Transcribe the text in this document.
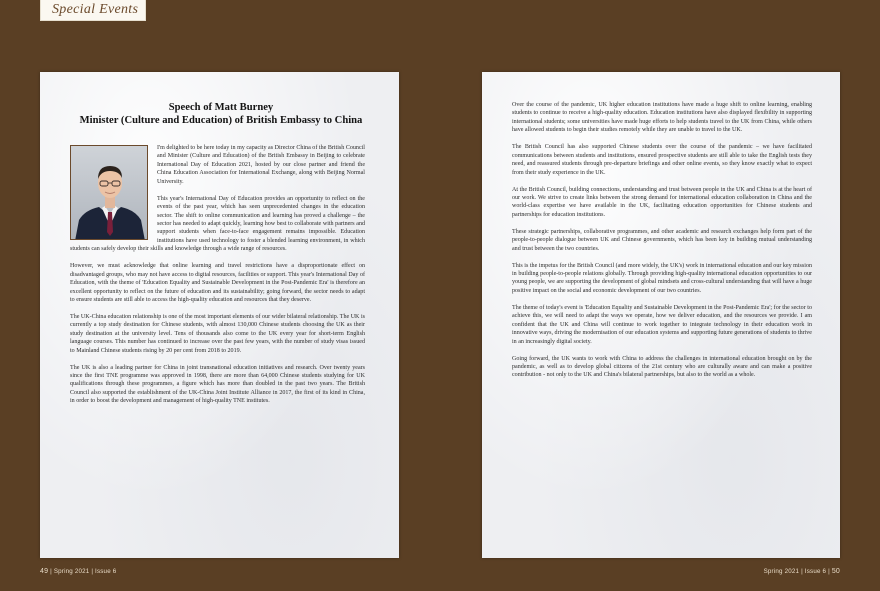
Special Events
Speech of Matt Burney
Minister (Culture and Education) of British Embassy to China

I'm delighted to be here today in my capacity as Director China of the British Council and Minister (Culture and Education) of the British Embassy in Beijing to celebrate International Day of Education 2021, hosted by our close partner and friend the China Education Association for International Exchange, along with Beijing Normal University.

This year's International Day of Education provides an opportunity to reflect on the events of the past year, which has seen unprecedented changes in the education sector. The shift to online communication and learning has proved a challenge – the sector has needed to adapt quickly, learning how best to collaborate with partners and support students when face-to-face engagement remains impossible. Education institutions have used technology to foster a blended learning environment, in which students can safely develop their skills and knowledge through a wide range of resources.

However, we must acknowledge that online learning and travel restrictions have a disproportionate effect on disadvantaged groups, who may not have access to digital resources, facilities or support. This year's International Day of Education, with the theme of 'Education Equality and Sustainable Development in the Post-Pandemic Era' is therefore an excellent opportunity to reflect on the future of education and its sustainability; going forward, the sector needs to adapt to ensure students are still able to access the high-quality education and resources that they deserve.

The UK-China education relationship is one of the most important elements of our wider bilateral relationship. The UK is currently a top study destination for Chinese students, with almost 130,000 Chinese students choosing the UK as their study destination at the university level. Tens of thousands also come to the UK every year for short-term English language courses. This number has continued to increase over the past few years, with the number of study visas issued to Mainland Chinese students rising by 20 per cent from 2018 to 2019.

The UK is also a leading partner for China in joint transnational education initiatives and research. Over twenty years since the first TNE programme was approved in 1998, there are more than 64,000 Chinese students studying for UK qualifications through these programmes, a figure which has more than doubled in the past two years. The British Council also supported the establishment of the UK-China Joint Institute Alliance in 2017, the first of its kind in China, in order to boost the development and management of high-quality TNE institutes.

Over the course of the pandemic, UK higher education institutions have made a huge shift to online learning, enabling students to continue to receive a high-quality education. Education institutions have also displayed flexibility in supporting international students; some universities have made huge efforts to help students travel to the UK from China, while others have allowed students to begin their studies remotely while they are unable to travel to the UK.

The British Council has also supported Chinese students over the course of the pandemic – we have facilitated communications between students and institutions, ensured prospective students are still able to take the English tests they need, and reassured students through pre-departure briefings and other online events, so they know exactly what to expect from their study experience in the UK.

At the British Council, building connections, understanding and trust between people in the UK and China is at the heart of our work. We strive to create links between the strong demand for international education collaboration in China and the world-class expertise we have available in the UK, facilitating education opportunities for Chinese students and partnerships for education institutions.

These strategic partnerships, collaborative programmes, and other academic and research exchanges help form part of the people-to-people dialogue between UK and Chinese governments, which has been key in building mutual understanding and trust between the two countries.

This is the impetus for the British Council (and more widely, the UK's) work in international education and our key mission in building people-to-people relations globally. Through providing high-quality international education opportunities to our young people, we are supporting the development of global mindsets and cross-cultural understanding that will have a huge positive impact on the social and economic development of our two countries.

The theme of today's event is 'Education Equality and Sustainable Development in the Post-Pandemic Era'; for the sector to achieve this, we will need to adapt the ways we operate, how we deliver education, and the resources we provide. I am confident that the UK and China will continue to work together to integrate technology in their education work in innovative ways, driving the modernisation of our education systems and supporting future generations of students to thrive in an increasingly digital society.

Going forward, the UK wants to work with China to address the challenges in international education brought on by the pandemic, as well as to develop global citizens of the 21st century who are culturally aware and can make a positive contribution - not only to the UK and China's bilateral partnerships, but also to the world as a whole.

49 | Spring 2021 | Issue 6	Spring 2021 | Issue 6 | 50
